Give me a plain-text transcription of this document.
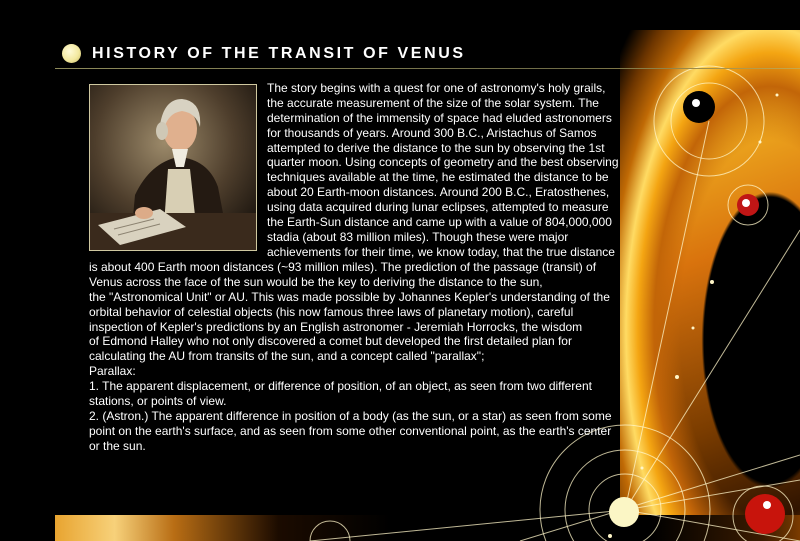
HISTORY OF THE TRANSIT OF VENUS
The story begins with a quest for one of astronomy's holy grails,
the accurate measurement of the size of the solar system. The
determination of the immensity of space had eluded astronomers
for thousands of years. Around 300 B.C., Aristachus of Samos
attempted to derive the distance to the sun by observing the 1st
quarter moon. Using concepts of geometry and the best observing
techniques available at the time, he estimated the distance to be
about 20 Earth-moon distances. Around 200 B.C., Eratosthenes,
using data acquired during lunar eclipses, attempted to measure
the Earth-Sun distance and came up with a value of 804,000,000
stadia (about 83 million miles). Though these were major
achievements for their time, we know today, that the true distance
is about 400 Earth moon distances (~93 million miles). The prediction of the passage (transit) of
Venus across the face of the sun would be the key to deriving the distance to the sun,
the "Astronomical Unit" or AU. This was made possible by Johannes Kepler's understanding of the
orbital behavior of celestial objects (his now famous three laws of planetary motion), careful
inspection of Kepler's predictions by an English astronomer - Jeremiah Horrocks, the wisdom
of Edmond Halley who not only discovered a comet but developed the first detailed plan for
calculating the AU from transits of the sun, and a concept called "parallax";
Parallax:
1. The apparent displacement, or difference of position, of an object, as seen from two different
stations, or points of view.
2. (Astron.) The apparent difference in position of a body (as the sun, or a star) as seen from some
point on the earth's surface, and as seen from some other conventional point, as the earth's center
or the sun.
